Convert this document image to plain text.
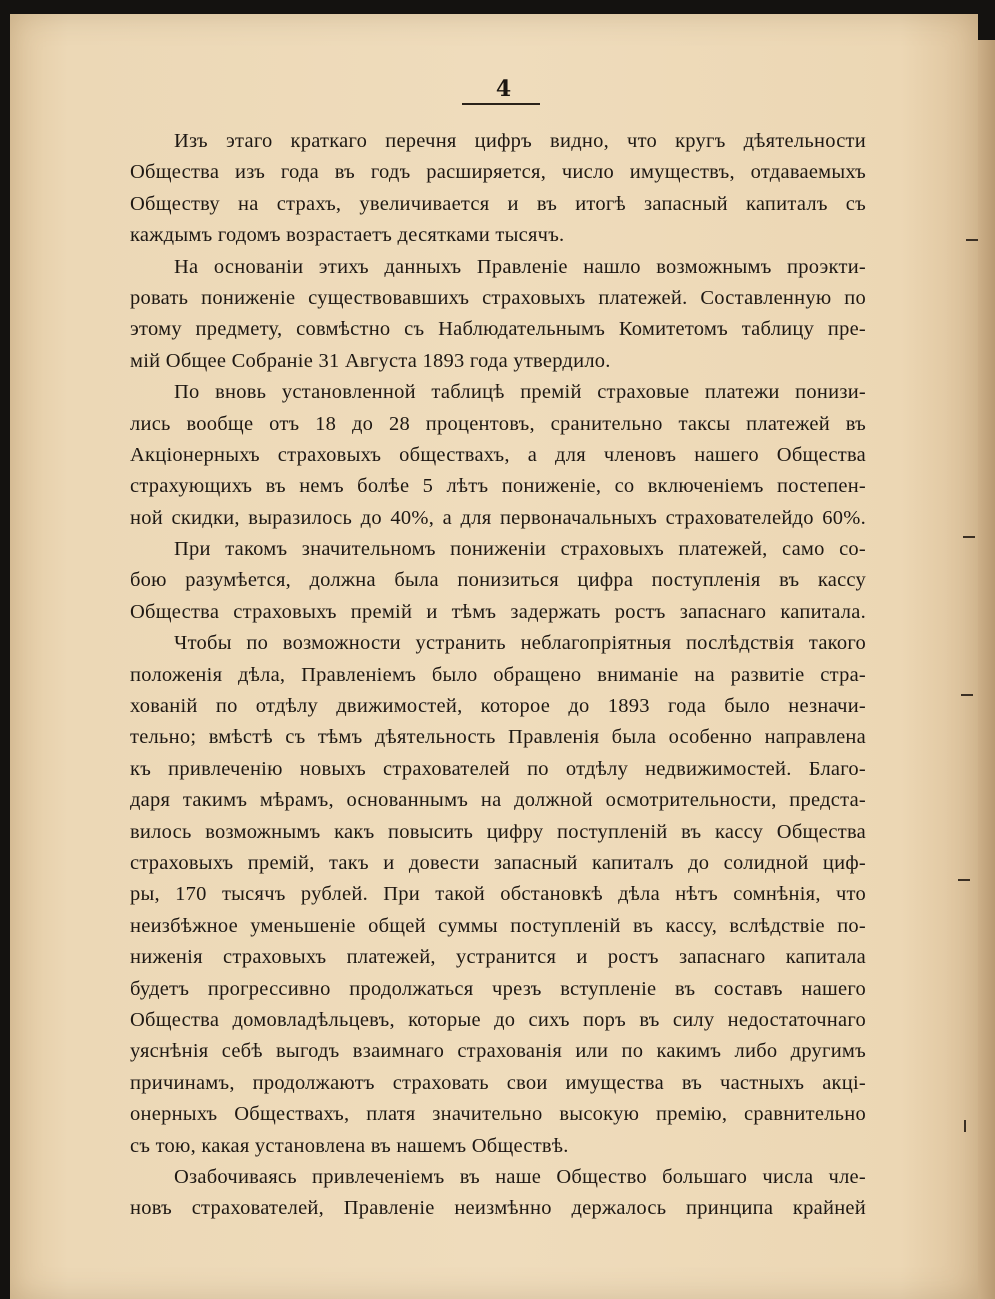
4
Изъ этаго краткаго перечня цифръ видно, что кругъ дѣятельности
Общества изъ года въ годъ расширяется, число имуществъ, отдаваемыхъ
Обществу на страхъ, увеличивается и въ итогѣ запасный капиталъ съ
каждымъ годомъ возрастаетъ десятками тысячъ.
На основанiи этихъ данныхъ Правленiе нашло возможнымъ проэкти-
ровать пониженiе существовавшихъ страховыхъ платежей. Составленную по
этому предмету, совмѣстно съ Наблюдательнымъ Комитетомъ таблицу пре-
мiй Общее Собранiе 31 Августа 1893 года утвердило.
По вновь установленной таблицѣ премiй страховые платежи понизи-
лись вообще отъ 18 до 28 процентовъ, сранительно таксы платежей въ
Акцiонерныхъ страховыхъ обществахъ, а для членовъ нашего Общества
страхующихъ въ немъ болѣе 5 лѣтъ пониженiе, со включенiемъ постепен-
ной скидки, выразилось до 40%, а для первоначальныхъ страхователейдо 60%.
При такомъ значительномъ пониженiи страховыхъ платежей, само со-
бою разумѣется, должна была понизиться цифра поступленiя въ кассу
Общества страховыхъ премiй и тѣмъ задержать ростъ запаснаго капитала.
Чтобы по возможности устранить неблагопрiятныя послѣдствiя такого
положенiя дѣла, Правленiемъ было обращено вниманiе на развитiе стра-
хованiй по отдѣлу движимостей, которое до 1893 года было незначи-
тельно; вмѣстѣ съ тѣмъ дѣятельность Правленiя была особенно направлена
къ привлеченiю новыхъ страхователей по отдѣлу недвижимостей. Благо-
даря такимъ мѣрамъ, основаннымъ на должной осмотрительности, предста-
вилось возможнымъ какъ повысить цифру поступленiй въ кассу Общества
страховыхъ премiй, такъ и довести запасный капиталъ до солидной циф-
ры, 170 тысячъ рублей. При такой обстановкѣ дѣла нѣтъ сомнѣнiя, что
неизбѣжное уменьшенiе общей суммы поступленiй въ кассу, вслѣдствiе по-
ниженiя страховыхъ платежей, устранится и ростъ запаснаго капитала
будетъ прогрессивно продолжаться чрезъ вступленiе въ составъ нашего
Общества домовладѣльцевъ, которые до сихъ поръ въ силу недостаточнаго
уяснѣнiя себѣ выгодъ взаимнаго страхованiя или по какимъ либо другимъ
причинамъ, продолжаютъ страховать свои имущества въ частныхъ акцi-
онерныхъ Обществахъ, платя значительно высокую премiю, сравнительно
съ тою, какая установлена въ нашемъ Обществѣ.
Озабочиваясь привлеченiемъ въ наше Общество большаго числа чле-
новъ страхователей, Правленiе неизмѣнно держалось принципа крайней
